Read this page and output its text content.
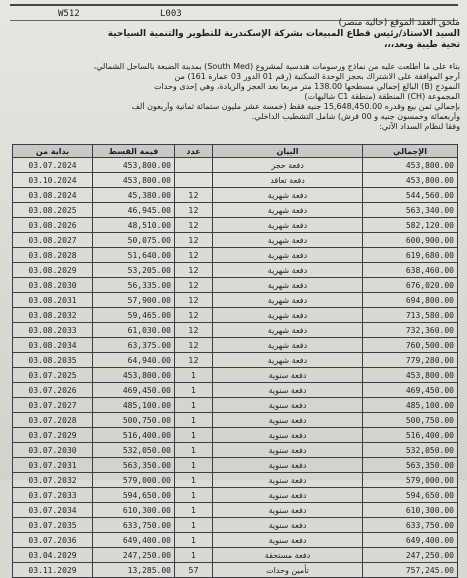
W512	L003
ملحق العقد الموقع (حالية منصر)
السيد الأستاذ/رئيس قطاع المبيعات بشركة الإسكندرية للتطوير والتنمية السياحية
تحية طيبة وبعد،،،
بناء على ما أطلعت عليه من نماذج ورسومات هندسية لمشروع (South Med) بمدينة الضبعة بالساحل الشمالي،
أرجو الموافقة على الاشتراك بحجز الوحدة السكنية (رقم 01 الدور 03 عمارة 161) من
النموذج (B) البالغ إجمالي مسطحها 138.00 متر مربعا بعد العجز والزيادة، وهي إحدى وحدات
المجموعة (CH) المنطقة (منطقة C1 شاليهات)
بإجمالي ثمن بيع وقدره 15,648,450.00 جنيه فقط (خمسة عشر مليون ستمائة ثمانية وأربعون ألف
وأربعمائة وخمسون جنيه و 00 قرش) شامل التشطيب الداخلي.
وفقا لنظام السداد الآتي:
الإجمالي	البيان	عدد	قيمة القسط	بداية من
453,800.00	دفعة حجز		453,800.00	03.07.2024
453,800.00	دفعة تعاقد		453,800.00	03.10.2024
544,560.00	دفعة شهرية	12	45,380.00	03.08.2024
563,340.00	دفعة شهرية	12	46,945.00	03.08.2025
582,120.00	دفعة شهرية	12	48,510.00	03.08.2026
600,900.00	دفعة شهرية	12	50,075.00	03.08.2027
619,680.00	دفعة شهرية	12	51,640.00	03.08.2028
638,460.00	دفعة شهرية	12	53,205.00	03.08.2029
676,020.00	دفعة شهرية	12	56,335.00	03.08.2030
694,800.00	دفعة شهرية	12	57,900.00	03.08.2031
713,580.00	دفعة شهرية	12	59,465.00	03.08.2032
732,360.00	دفعة شهرية	12	61,030.00	03.08.2033
760,500.00	دفعة شهرية	12	63,375.00	03.08.2034
779,280.00	دفعة شهرية	12	64,940.00	03.08.2035
453,800.00	دفعة سنوية	1	453,800.00	03.07.2025
469,450.00	دفعة سنوية	1	469,450.00	03.07.2026
485,100.00	دفعة سنوية	1	485,100.00	03.07.2027
500,750.00	دفعة سنوية	1	500,750.00	03.07.2028
516,400.00	دفعة سنوية	1	516,400.00	03.07.2029
532,050.00	دفعة سنوية	1	532,050.00	03.07.2030
563,350.00	دفعة سنوية	1	563,350.00	03.07.2031
579,000.00	دفعة سنوية	1	579,000.00	03.07.2032
594,650.00	دفعة سنوية	1	594,650.00	03.07.2033
610,300.00	دفعة سنوية	1	610,300.00	03.07.2034
633,750.00	دفعة سنوية	1	633,750.00	03.07.2035
649,400.00	دفعة سنوية	1	649,400.00	03.07.2036
247,250.00	دفعة مستحقة	1	247,250.00	03.04.2029
757,245.00	تأمين وحدات	57	13,285.00	03.11.2029
